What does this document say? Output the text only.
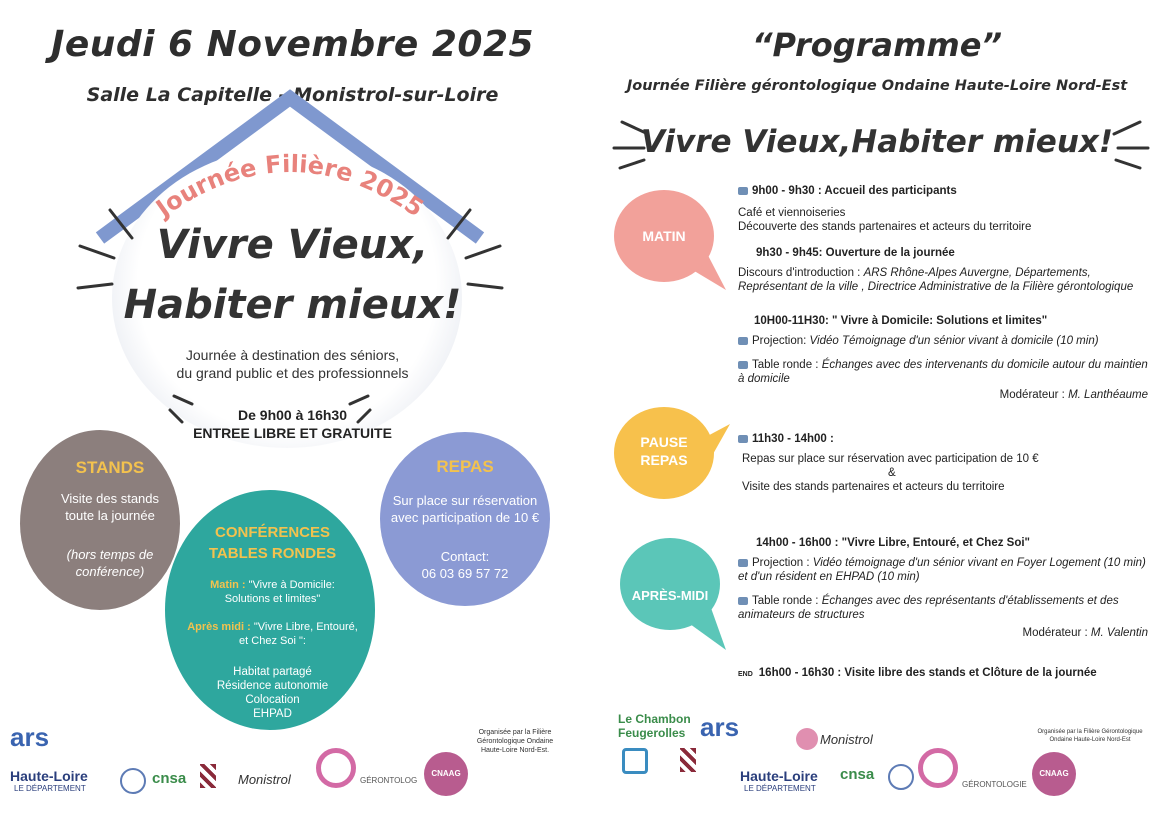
Jeudi 6 Novembre 2025
Salle La Capitelle - Monistrol-sur-Loire
Journée Filière 2025
Vivre Vieux,
Habiter mieux!
Journée à destination des séniors,
du grand public et des professionnels
De 9h00 à 16h30
ENTREE LIBRE ET GRATUITE
STANDS
Visite des stands
toute la journée
(hors temps de
conférence)
REPAS
Sur place sur réservation
avec participation de 10 €
Contact:
06 03 69 57 72
CONFÉRENCES
TABLES RONDES
Matin : "Vivre à Domicile:
Solutions et limites"
Après midi : "Vivre Libre, Entouré,
et Chez Soi ":
Habitat partagé
Résidence autonomie
Colocation
EHPAD
Organisée par la Filière
Gérontologique Ondaine
Haute-Loire Nord-Est.
ars
Haute-Loire
LE DÉPARTEMENT
cnsa	Monistrol	GÉRONTOLOG
CNAAG
“Programme”
Journée Filière gérontologique Ondaine Haute-Loire Nord-Est
Vivre Vieux,Habiter mieux!
MATIN
PAUSE
REPAS
APRÈS-MIDI
9h00 - 9h30 : Accueil des participants
Café et viennoiseries
Découverte des stands partenaires et acteurs du territoire
9h30 - 9h45: Ouverture de la journée
Discours d'introduction : ARS Rhône-Alpes Auvergne, Départements, Représentant de la ville , Directrice Administrative de la Filière gérontologique
10H00-11H30: " Vivre à Domicile: Solutions et limites"
Projection: Vidéo Témoignage d'un sénior vivant à domicile (10 min)
Table ronde : Échanges avec des intervenants du domicile autour du maintien à domicile
Modérateur : M. Lanthéaume
11h30 - 14h00 :
Repas sur place sur réservation avec participation de 10 €
&
Visite des stands partenaires et acteurs du territoire
14h00 - 16h00 : "Vivre Libre, Entouré, et Chez Soi"
Projection : Vidéo témoignage d'un sénior vivant en Foyer Logement (10 min) et d'un résident en EHPAD (10 min)
Table ronde : Échanges avec des représentants d'établissements et des animateurs de structures
Modérateur : M. Valentin
END 16h00 - 16h30 : Visite libre des stands et Clôture de la journée
Organisée par la Filière Gérontologique
Ondaine Haute-Loire Nord-Est
Le Chambon
Feugerolles ars	Monistrol
Haute-Loire
LE DÉPARTEMENT
cnsa
GÉRONTOLOGIE
CNAAG
